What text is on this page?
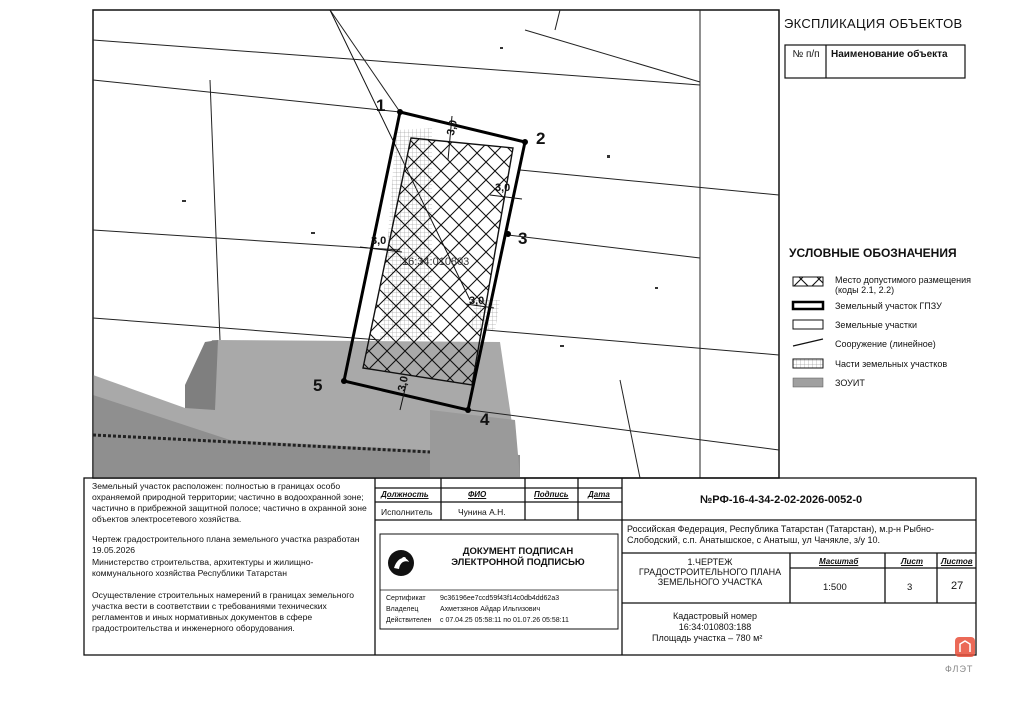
1
2
3
4
5
3,0
3,0
3,0
3,0
3,0
16:34:010803
ЭКСПЛИКАЦИЯ ОБЪЕКТОВ
№ п/п	Наименование объекта
УСЛОВНЫЕ ОБОЗНАЧЕНИЯ
Место допустимого размещения (коды 2.1, 2.2)
Земельный участок ГПЗУ
Земельные участки
Сооружение (линейное)
Части земельных участков
ЗОУИТ
Земельный участок расположен: полностью в границах особо охраняемой природной территории; частично в водоохранной зоне; частично в прибрежной защитной полосе; частично в охранной зоне объектов электросетевого хозяйства.
Чертеж градостроительного плана земельного участка разработан 19.05.2026
Министерство строительства, архитектуры и жилищно-коммунального хозяйства Республики Татарстан
Осуществление строительных намерений в границах земельного участка вести в соответствии с требованиями технических регламентов и иных нормативных документов в сфере градостроительства и инженерного оборудования.
Должность	ФИО	Подпись Дата
Исполнитель	Чунина А.Н.
№РФ-16-4-34-2-02-2026-0052-0
Российская Федерация, Республика Татарстан (Татарстан), м.р-н Рыбно-Слободский, с.п. Анатышское, с Анатыш, ул Чачякле, з/у 10.
1.ЧЕРТЕЖ ГРАДОСТРОИТЕЛЬНОГО ПЛАНА ЗЕМЕЛЬНОГО УЧАСТКА
Масштаб	Лист Листов
1:500	3	27
Кадастровый номер 16:34:010803:188
Площадь участка – 780 м²
ДОКУМЕНТ ПОДПИСАН ЭЛЕКТРОННОЙ ПОДПИСЬЮ
Сертификат 9c36196ee7ccd59f43f14c0db4dd62a3
Владелец	Ахметзянов Айдар Ильгизович
Действителен с 07.04.25 05:58:11 по 01.07.26 05:58:11
ФЛЭТ
